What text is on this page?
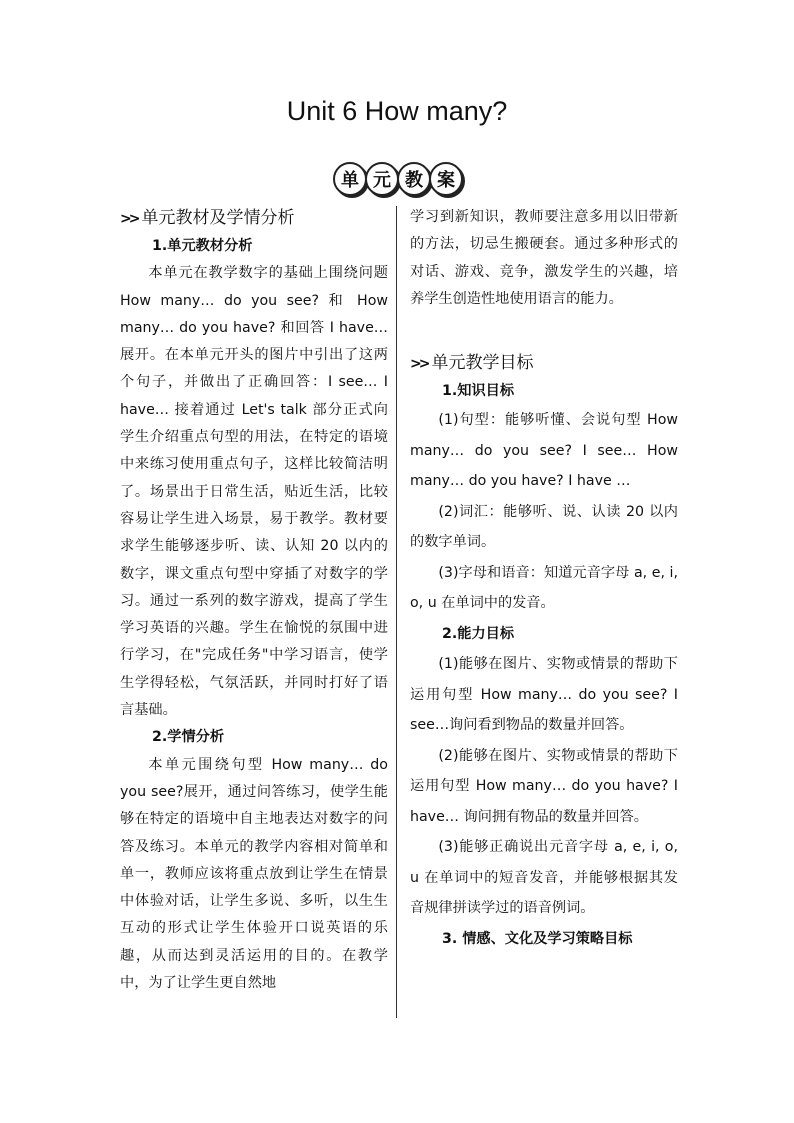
Unit 6 How many?
单 元 教 案
>> 单元教材及学情分析
1.单元教材分析

本单元在教学数字的基础上围绕问题 How many… do you see? 和 How many… do you have? 和回答 I have…展开。在本单元开头的图片中引出了这两个句子，并做出了正确回答：I see… I have… 接着通过 Let's talk 部分正式向学生介绍重点句型的用法，在特定的语境中来练习使用重点句子，这样比较简洁明了。场景出于日常生活，贴近生活，比较容易让学生进入场景，易于教学。教材要求学生能够逐步听、读、认知 20 以内的数字，课文重点句型中穿插了对数字的学习。通过一系列的数字游戏，提高了学生学习英语的兴趣。学生在愉悦的氛围中进行学习，在"完成任务"中学习语言，使学生学得轻松，气氛活跃，并同时打好了语言基础。

2.学情分析

本单元围绕句型 How many… do you see?展开，通过问答练习，使学生能够在特定的语境中自主地表达对数字的问答及练习。本单元的教学内容相对简单和单一，教师应该将重点放到让学生在情景中体验对话，让学生多说、多听，以生生互动的形式让学生体验开口说英语的乐趣，从而达到灵活运用的目的。在教学中，为了让学生更自然地

学习到新知识，教师要注意多用以旧带新的方法，切忌生搬硬套。通过多种形式的对话、游戏、竞争，激发学生的兴趣，培养学生创造性地使用语言的能力。

>> 单元教学目标
1.知识目标

(1)句型：能够听懂、会说句型 How many… do you see? I see… How many… do you have? I have …

(2)词汇：能够听、说、认读 20 以内的数字单词。

(3)字母和语音：知道元音字母 a, e, i, o, u 在单词中的发音。

2.能力目标

(1)能够在图片、实物或情景的帮助下运用句型 How many… do you see? I see…询问看到物品的数量并回答。

(2)能够在图片、实物或情景的帮助下运用句型 How many… do you have? I have… 询问拥有物品的数量并回答。

(3)能够正确说出元音字母 a, e, i, o, u 在单词中的短音发音，并能够根据其发音规律拼读学过的语音例词。

3. 情感、文化及学习策略目标
